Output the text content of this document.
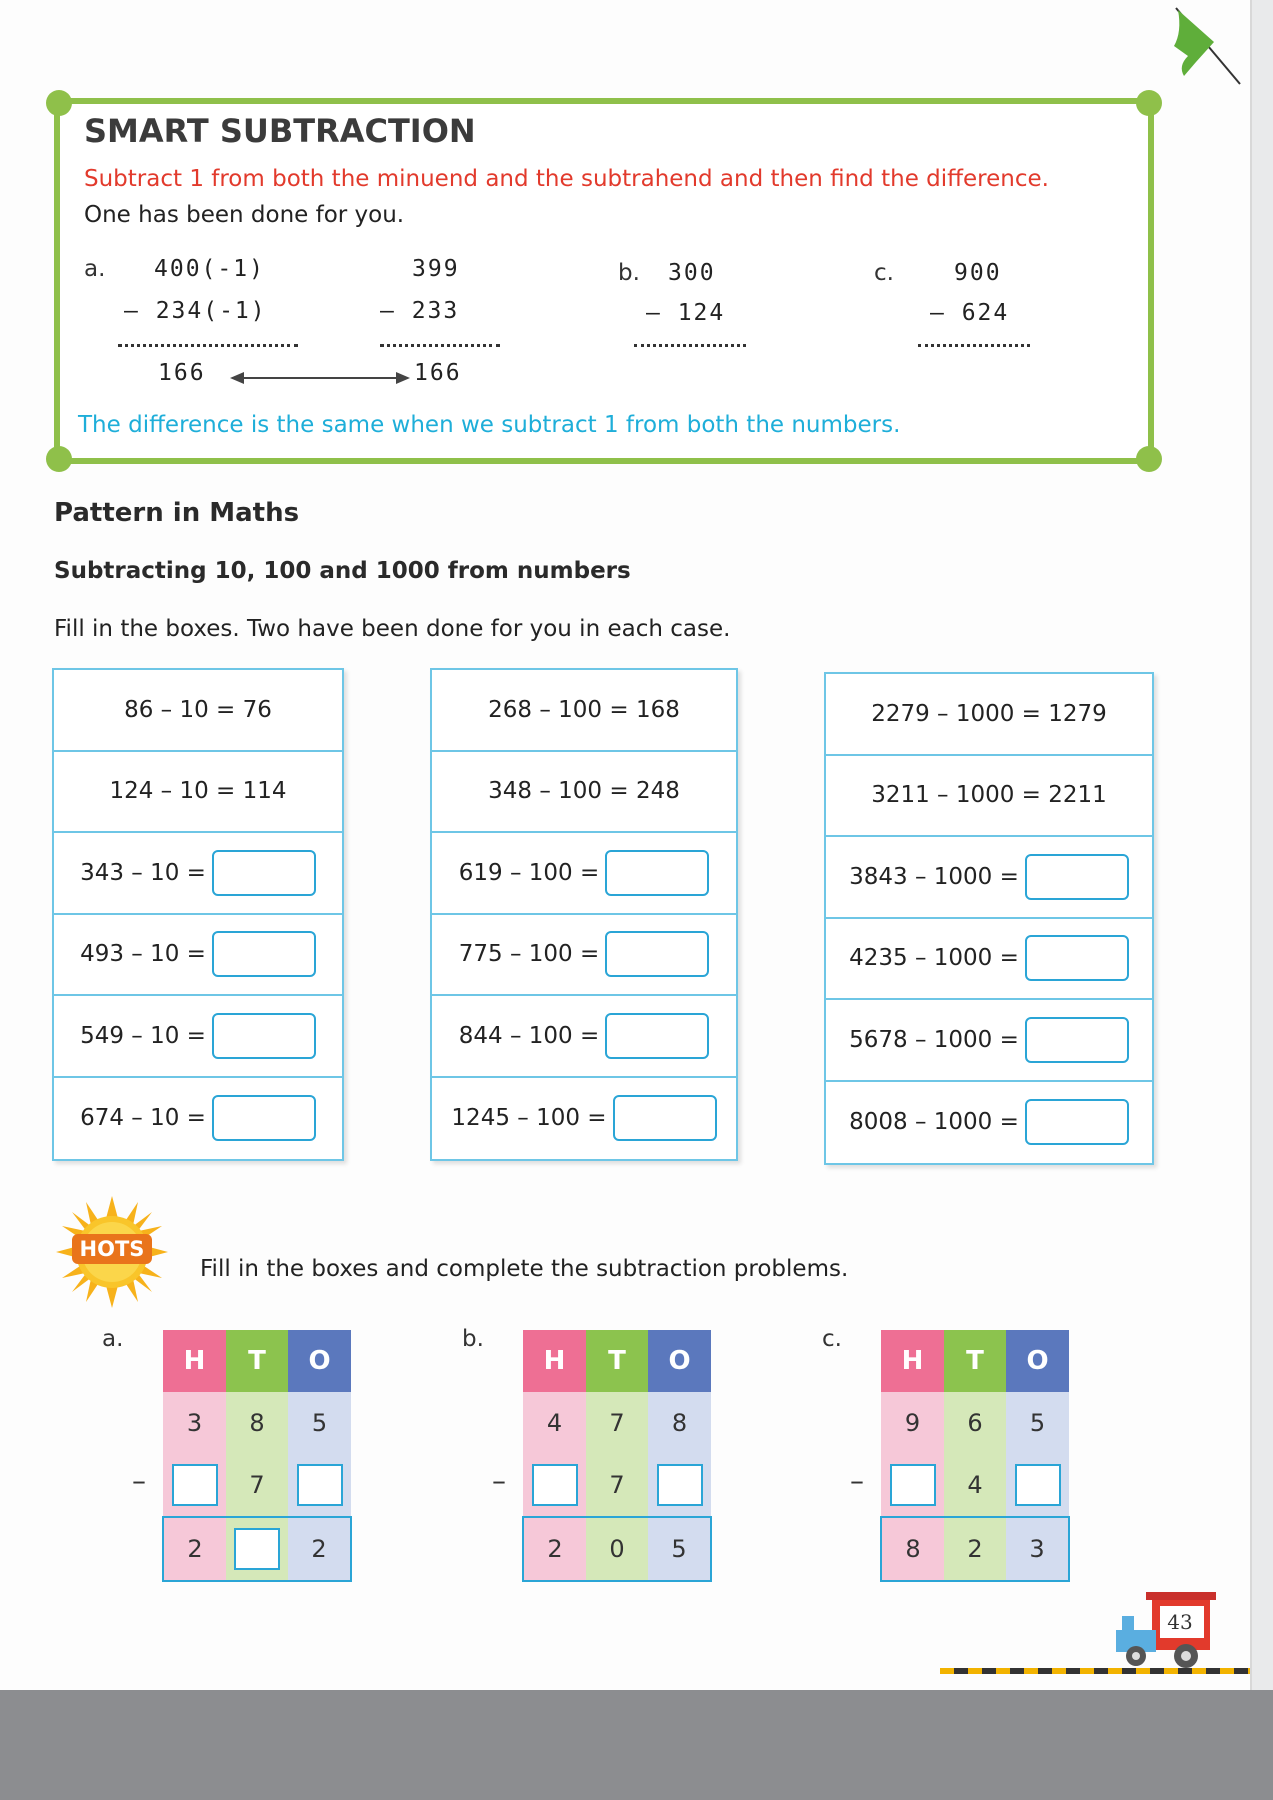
SMART SUBTRACTION
Subtract 1 from both the minuend and the subtrahend and then find the difference.
One has been done for you.
a. 400(-1)
– 234(-1)
166
399
– 233
166
b. 300
– 124
c.	900
– 624
The difference is the same when we subtract 1 from both the numbers.
Pattern in Maths
Subtracting 10, 100 and 1000 from numbers
Fill in the boxes. Two have been done for you in each case.
86 – 10 = 76
124 – 10 = 114
343 – 10 =
493 – 10 =
549 – 10 =
674 – 10 =
268 – 100 = 168
348 – 100 = 248
619 – 100 =
775 – 100 =
844 – 100 =
1245 – 100 =
2279 – 1000 = 1279
3211 – 1000 = 2211
3843 – 1000 =
4235 – 1000 =
5678 – 1000 =
8008 – 1000 =
HOTS
Fill in the boxes and complete the subtraction problems.
a.
H	T	O
3	8	5
	7	
2		2
–
b.
H	T	O
4	7	8
	7	
2	0	5
–
c.
H	T	O
9	6	5
	4	
8	2	3
–
43
